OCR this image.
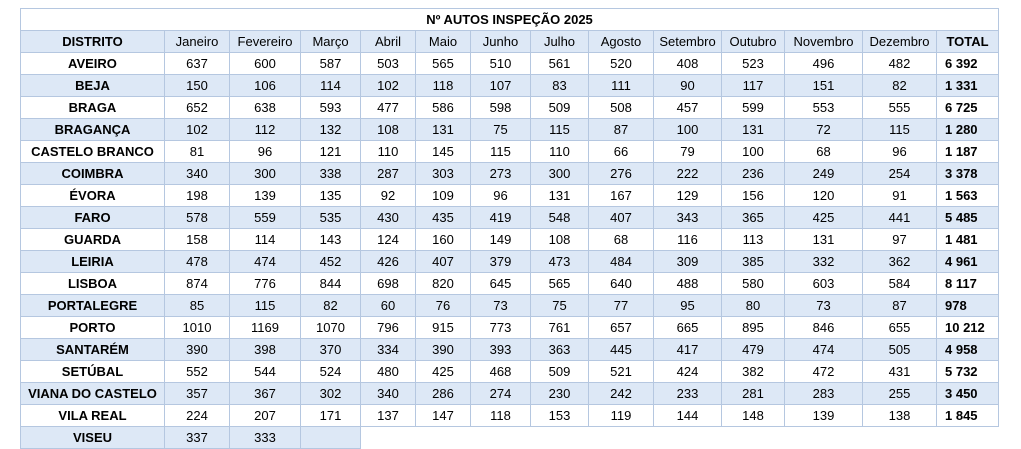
Nº AUTOS INSPEÇÃO 2025													
DISTRITO	Janeiro	Fevereiro	Março	Abril	Maio	Junho	Julho	Agosto	Setembro	Outubro	Novembro	Dezembro	TOTAL
AVEIRO	637	600	587	503	565	510	561	520	408	523	496	482	6 392
BEJA	150	106	114	102	118	107	83	111	90	117	151	82	1 331
BRAGA	652	638	593	477	586	598	509	508	457	599	553	555	6 725
BRAGANÇA	102	112	132	108	131	75	115	87	100	131	72	115	1 280
CASTELO BRANCO	81	96	121	110	145	115	110	66	79	100	68	96	1 187
COIMBRA	340	300	338	287	303	273	300	276	222	236	249	254	3 378
ÉVORA	198	139	135	92	109	96	131	167	129	156	120	91	1 563
FARO	578	559	535	430	435	419	548	407	343	365	425	441	5 485
GUARDA	158	114	143	124	160	149	108	68	116	113	131	97	1 481
LEIRIA	478	474	452	426	407	379	473	484	309	385	332	362	4 961
LISBOA	874	776	844	698	820	645	565	640	488	580	603	584	8 117
PORTALEGRE	85	115	82	60	76	73	75	77	95	80	73	87	978
PORTO	1010	1169	1070	796	915	773	761	657	665	895	846	655	10 212
SANTARÉM	390	398	370	334	390	393	363	445	417	479	474	505	4 958
SETÚBAL	552	544	524	480	425	468	509	521	424	382	472	431	5 732
VIANA DO CASTELO	357	367	302	340	286	274	230	242	233	281	283	255	3 450
VILA REAL	224	207	171	137	147	118	153	119	144	148	139	138	1 845
VISEU	337	333											
